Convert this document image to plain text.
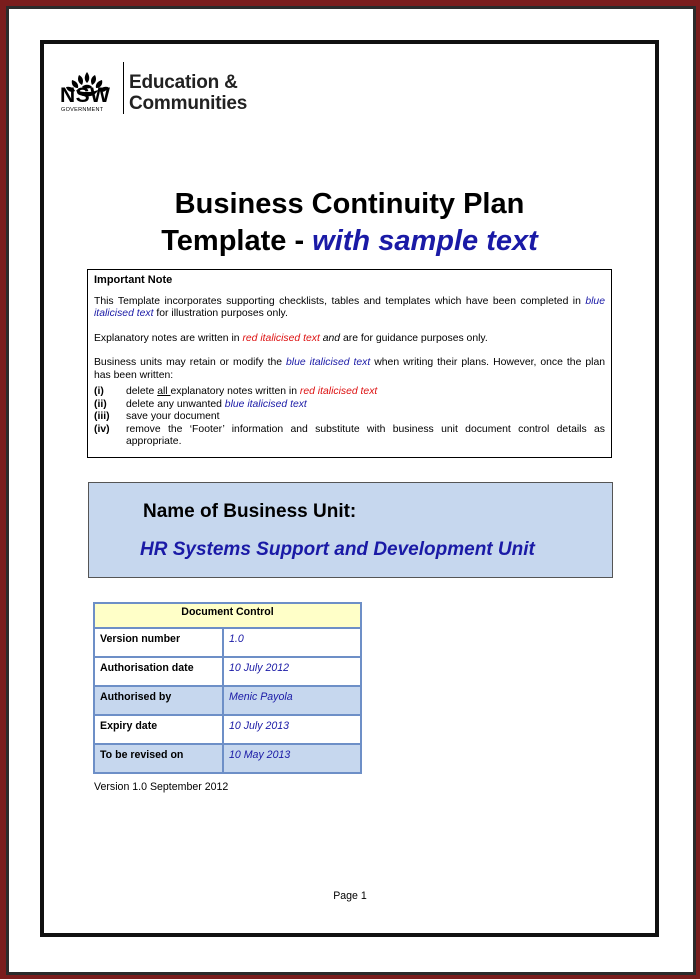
NSW
GOVERNMENT
Education &
Communities
Business Continuity Plan
Template - with sample text
Important Note

This Template incorporates supporting checklists, tables and templates which have been completed in blue italicised text for illustration purposes only.

Explanatory notes are written in red italicised text and are for guidance purposes only.

Business units may retain or modify the blue italicised text when writing their plans. However, once the plan has been written:

(i) delete all explanatory notes written in red italicised text
(ii) delete any unwanted blue italicised text
(iii) save your document
(iv) remove the ‘Footer’ information and substitute with business unit document control details as appropriate.
Name of Business Unit:
HR Systems Support and Development Unit
Document Control	
Version number	1.0
Authorisation date	10 July 2012
Authorised by	Menic Payola
Expiry date	10 July 2013
To be revised on	10 May 2013
Version 1.0 September 2012
Page 1
